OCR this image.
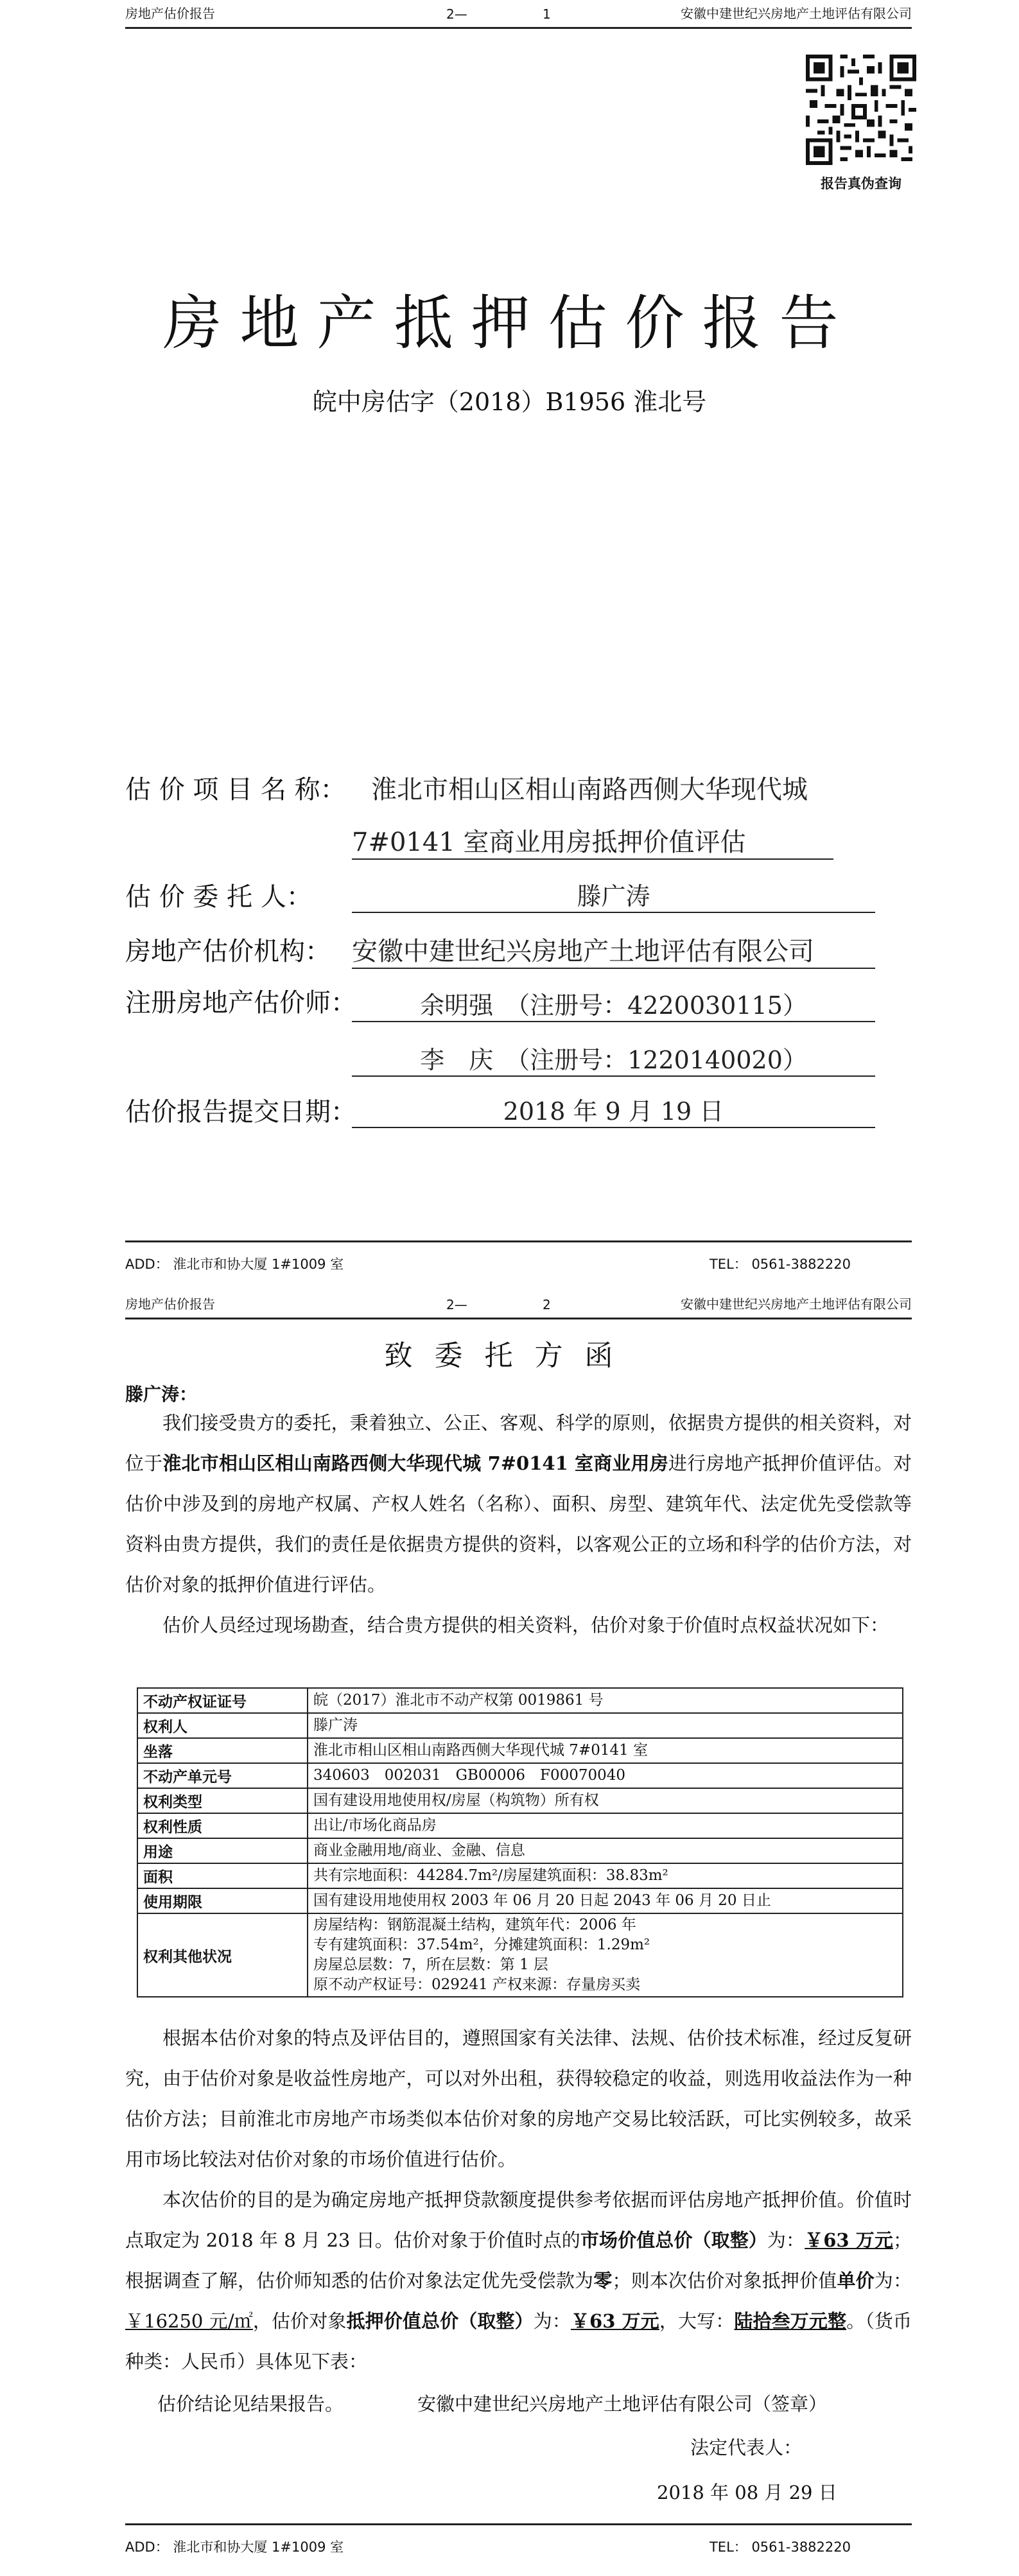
房地产估价报告	2—	1	安徽中建世纪兴房地产土地评估有限公司
报告真伪查询
房地产抵押估价报告
皖中房估字（2018）B1956 淮北号
估 价 项 目 名 称： 淮北市相山区相山南路西侧大华现代城
7#0141 室商业用房抵押价值评估
估 价 委 托 人：	滕广涛
房地产估价机构： 安徽中建世纪兴房地产土地评估有限公司
注册房地产估价师：	余明强　（注册号：4220030115）
李　庆　（注册号：1220140020）
估价报告提交日期：	2018 年 9 月 19 日
ADD： 淮北市和协大厦 1#1009 室	TEL： 0561-3882220
房地产估价报告	2—	2	安徽中建世纪兴房地产土地评估有限公司
致委托方函
滕广涛：
我们接受贵方的委托，秉着独立、公正、客观、科学的原则，依据贵方提供的相关资料，对位于淮北市相山区相山南路西侧大华现代城 7#0141 室商业用房进行房地产抵押价值评估。对估价中涉及到的房地产权属、产权人姓名（名称）、面积、房型、建筑年代、法定优先受偿款等资料由贵方提供，我们的责任是依据贵方提供的资料，以客观公正的立场和科学的估价方法，对估价对象的抵押价值进行评估。
估价人员经过现场勘查，结合贵方提供的相关资料，估价对象于价值时点权益状况如下：
不动产权证证号	皖（2017）淮北市不动产权第 0019861 号
权利人	滕广涛
坐落	淮北市相山区相山南路西侧大华现代城 7#0141 室
不动产单元号	340603　002031　GB00006　F00070040
权利类型	国有建设用地使用权/房屋（构筑物）所有权
权利性质	出让/市场化商品房
用途	商业金融用地/商业、金融、信息
面积	共有宗地面积：44284.7m²/房屋建筑面积：38.83m²
使用期限	国有建设用地使用权 2003 年 06 月 20 日起 2043 年 06 月 20 日止
权利其他状况	房屋结构：钢筋混凝土结构，建筑年代：2006 年
专有建筑面积：37.54m²，分摊建筑面积：1.29m²
房屋总层数：7，所在层数：第 1 层
原不动产权证号：029241 产权来源：存量房买卖
根据本估价对象的特点及评估目的，遵照国家有关法律、法规、估价技术标准，经过反复研究，由于估价对象是收益性房地产，可以对外出租，获得较稳定的收益，则选用收益法作为一种估价方法；目前淮北市房地产市场类似本估价对象的房地产交易比较活跃，可比实例较多，故采用市场比较法对估价对象的市场价值进行估价。
本次估价的目的是为确定房地产抵押贷款额度提供参考依据而评估房地产抵押价值。价值时点取定为 2018 年 8 月 23 日。估价对象于价值时点的市场价值总价（取整）为：￥63 万元；根据调查了解，估价师知悉的估价对象法定优先受偿款为零；则本次估价对象抵押价值单价为：￥16250 元/㎡，估价对象抵押价值总价（取整）为：￥63 万元，大写：陆拾叁万元整。（货币种类：人民币）具体见下表：
估价结论见结果报告。	安徽中建世纪兴房地产土地评估有限公司（签章）
法定代表人：
2018 年 08 月 29 日
ADD： 淮北市和协大厦 1#1009 室	TEL： 0561-3882220
